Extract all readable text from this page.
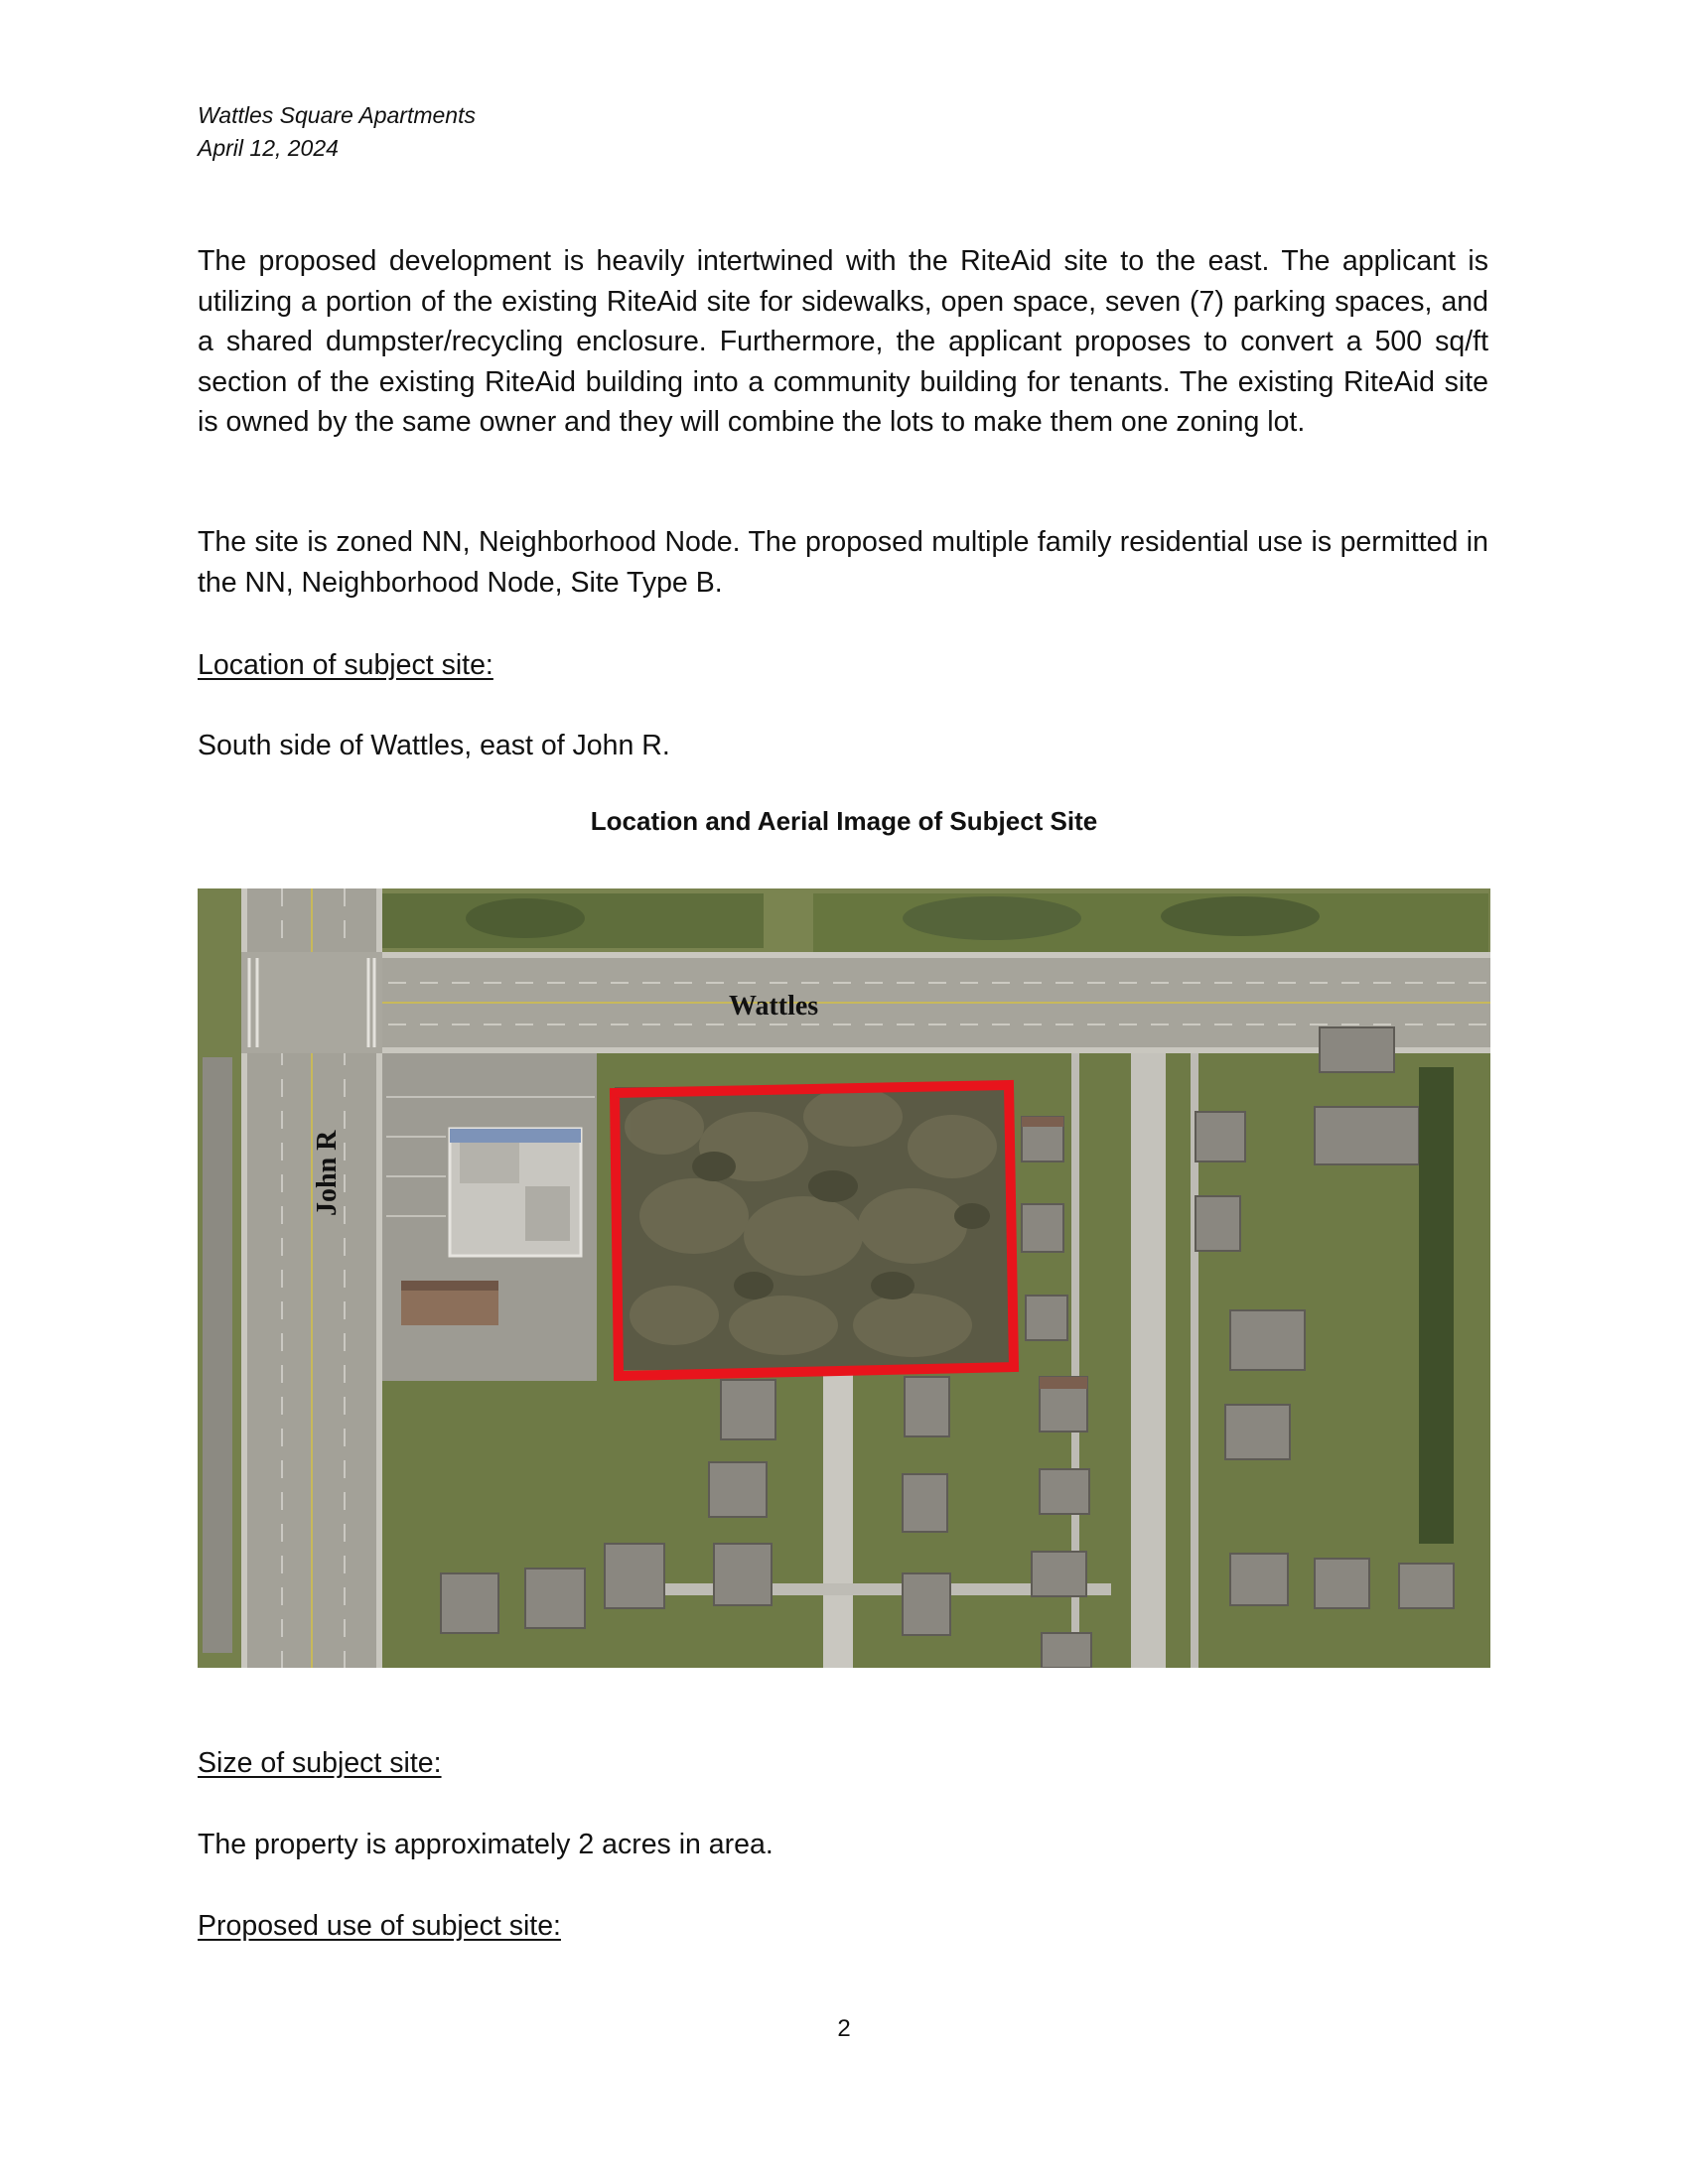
Wattles Square Apartments
April 12, 2024

The proposed development is heavily intertwined with the RiteAid site to the east. The applicant is utilizing a portion of the existing RiteAid site for sidewalks, open space, seven (7) parking spaces, and a shared dumpster/recycling enclosure. Furthermore, the applicant proposes to convert a 500 sq/ft section of the existing RiteAid building into a community building for tenants. The existing RiteAid site is owned by the same owner and they will combine the lots to make them one zoning lot.

The site is zoned NN, Neighborhood Node. The proposed multiple family residential use is permitted in the NN, Neighborhood Node, Site Type B.

Location of subject site:
South side of Wattles, east of John R.
Location and Aerial Image of Subject Site
Wattles
John R
Size of subject site:
The property is approximately 2 acres in area.
Proposed use of subject site:
2
